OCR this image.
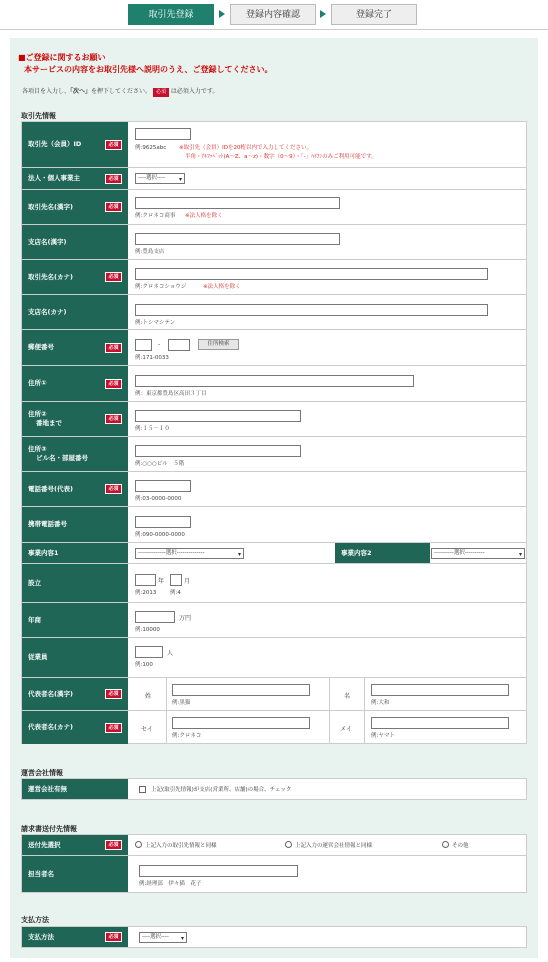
取引先登録	登録内容確認	登録完了
■ご登録に関するお願い
本サービスの内容をお取引先様へ説明のうえ、ご登録してください。
各項目を入力し、「次へ」を押下してください。 必須 は必須入力です。
取引先情報
取引先（会員）ID	必須
例:9625abc ※取引先（会員）IDを20桁以内で入力してください。
半角・ｱﾙﾌｧﾍﾞｯﾄ(A～Z、a～z)・数字（0～9）・「-」ﾊｲﾌﾝのみご利用可能です。
法人・個人事業主	必須	----選択---- ▾
取引先名(漢字)	必須
例:クロネコ商事 ※法人格を除く
支店名(漢字)
例:豊島支店
取引先名(カナ)	必須
例:クロネコショウジ	※法人格を除く
支店名(カナ)
例:トシマシテン
郵便番号	必須	-	住所検索
例:171-0033
住所①	必須
例：東京都豊島区高田３丁目
住所②
番地まで	必須
例:１５－１０
住所③
ビル名・部屋番号
例:○○○ビル　５階
電話番号(代表)	必須
例:03-0000-0000
携帯電話番号
例:090-0000-0000
事業内容1	--------------選択--------------	▾	事業内容2	----------選択----------	▾
設立	年	月
例:2013 例:4
年商	万円
例:10000
従業員	人
例:100
代表者名(漢字)	必須	姓
例:黒猫
名
例:大和
代表者名(カナ)	必須	セイ
例:クロネコ
メイ
例:ヤマト
運営会社情報
運営会社有無	上記(取引先情報)が支店(営業所、店舗)の場合、チェック
請求書送付先情報
送付先選択	必須	上記入力の取引先情報と同様	上記入力の運営会社情報と同様	その他
担当者名
例:経理部　伊々猫　花子
支払方法
支払方法	必須	----選択---- ▾
